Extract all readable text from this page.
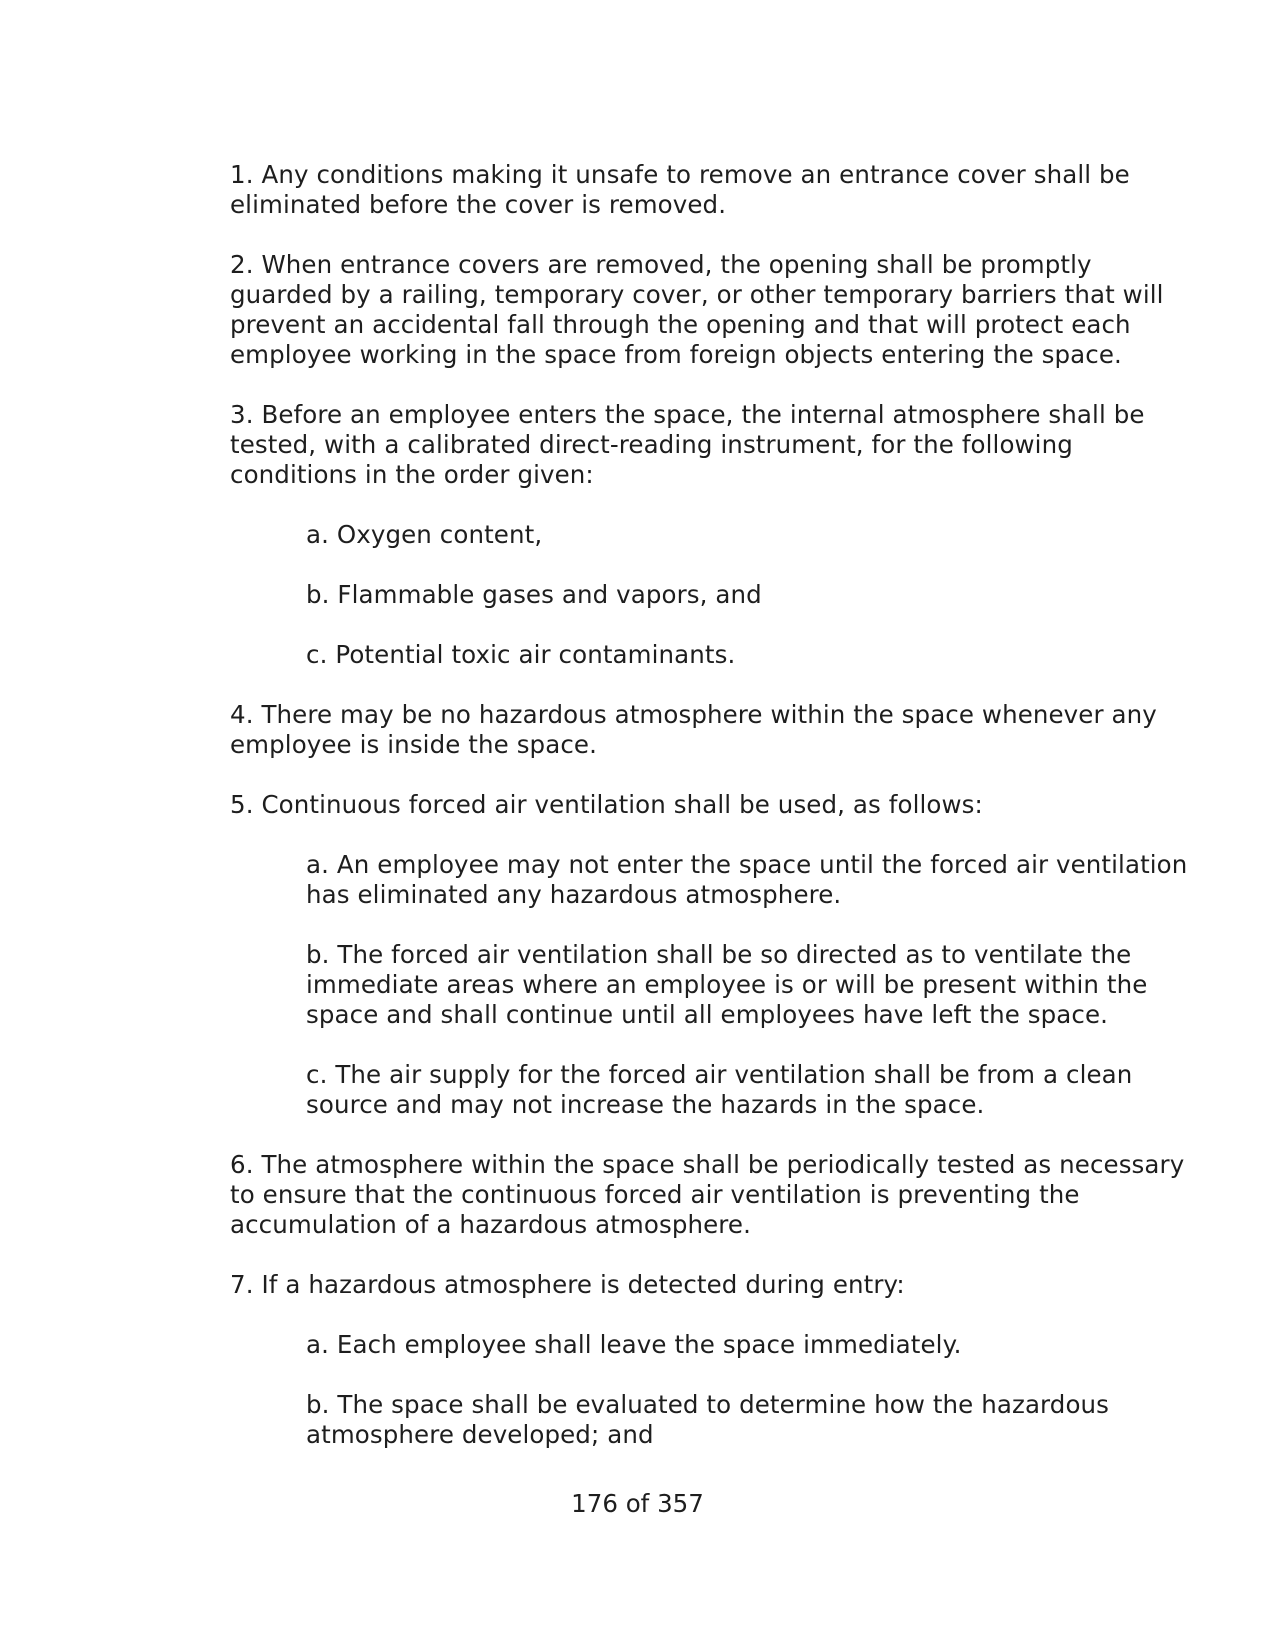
1. Any conditions making it unsafe to remove an entrance cover shall be eliminated before the cover is removed.

2. When entrance covers are removed, the opening shall be promptly guarded by a railing, temporary cover, or other temporary barriers that will prevent an accidental fall through the opening and that will protect each employee working in the space from foreign objects entering the space.

3. Before an employee enters the space, the internal atmosphere shall be tested, with a calibrated direct-reading instrument, for the following conditions in the order given:

a. Oxygen content,

b. Flammable gases and vapors, and

c. Potential toxic air contaminants.

4. There may be no hazardous atmosphere within the space whenever any employee is inside the space.

5. Continuous forced air ventilation shall be used, as follows:

a. An employee may not enter the space until the forced air ventilation has eliminated any hazardous atmosphere.

b. The forced air ventilation shall be so directed as to ventilate the immediate areas where an employee is or will be present within the space and shall continue until all employees have left the space.

c. The air supply for the forced air ventilation shall be from a clean source and may not increase the hazards in the space.

6. The atmosphere within the space shall be periodically tested as necessary to ensure that the continuous forced air ventilation is preventing the accumulation of a hazardous atmosphere.

7. If a hazardous atmosphere is detected during entry:

a. Each employee shall leave the space immediately.

b. The space shall be evaluated to determine how the hazardous atmosphere developed; and

176 of 357
